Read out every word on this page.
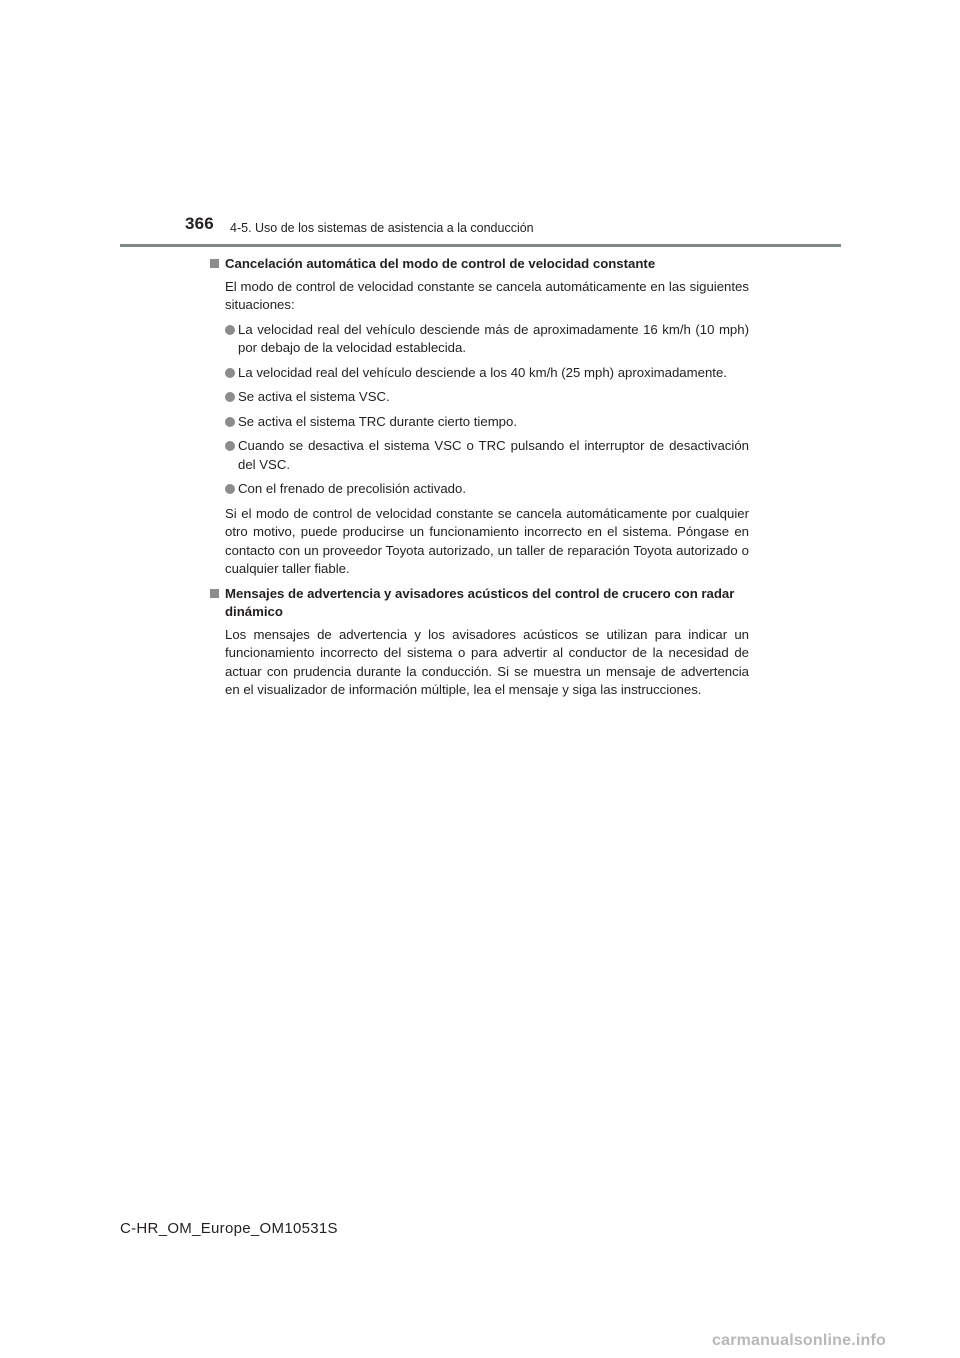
366 4-5. Uso de los sistemas de asistencia a la conducción
Cancelación automática del modo de control de velocidad constante
El modo de control de velocidad constante se cancela automáticamente en las siguientes situaciones:
La velocidad real del vehículo desciende más de aproximadamente 16 km/h (10 mph) por debajo de la velocidad establecida.
La velocidad real del vehículo desciende a los 40 km/h (25 mph) aproximadamente.
Se activa el sistema VSC.
Se activa el sistema TRC durante cierto tiempo.
Cuando se desactiva el sistema VSC o TRC pulsando el interruptor de desactivación del VSC.
Con el frenado de precolisión activado.
Si el modo de control de velocidad constante se cancela automáticamente por cualquier otro motivo, puede producirse un funcionamiento incorrecto en el sistema. Póngase en contacto con un proveedor Toyota autorizado, un taller de reparación Toyota autorizado o cualquier taller fiable.
Mensajes de advertencia y avisadores acústicos del control de crucero con radar dinámico
Los mensajes de advertencia y los avisadores acústicos se utilizan para indicar un funcionamiento incorrecto del sistema o para advertir al conductor de la necesidad de actuar con prudencia durante la conducción. Si se muestra un mensaje de advertencia en el visualizador de información múltiple, lea el mensaje y siga las instrucciones.
C-HR_OM_Europe_OM10531S
carmanualsonline.info
